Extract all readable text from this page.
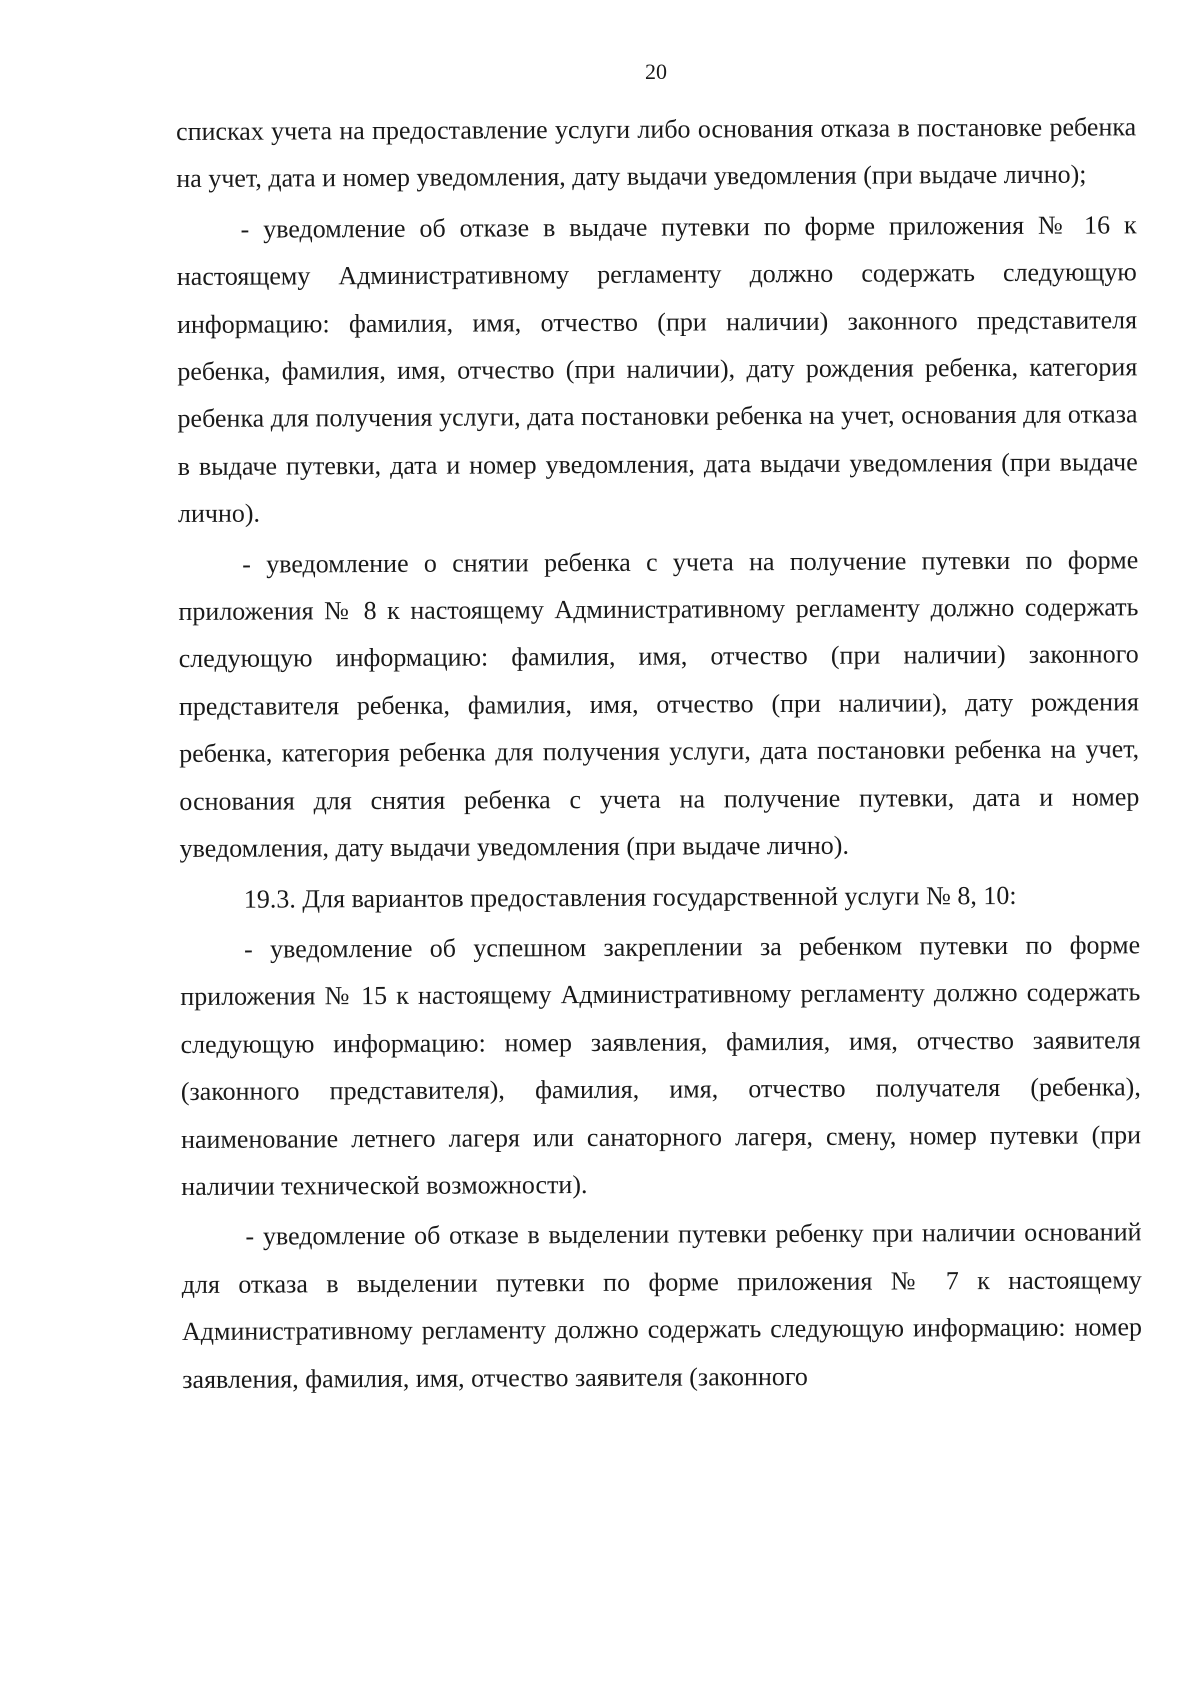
20

списках учета на предоставление услуги либо основания отказа в постановке ребенка на учет, дата и номер уведомления, дату выдачи уведомления (при выдаче лично);

- уведомление об отказе в выдаче путевки по форме приложения № 16 к настоящему Административному регламенту должно содержать следующую информацию: фамилия, имя, отчество (при наличии) законного представителя ребенка, фамилия, имя, отчество (при наличии), дату рождения ребенка, категория ребенка для получения услуги, дата постановки ребенка на учет, основания для отказа в выдаче путевки, дата и номер уведомления, дата выдачи уведомления (при выдаче лично).

- уведомление о снятии ребенка с учета на получение путевки по форме приложения № 8 к настоящему Административному регламенту должно содержать следующую информацию: фамилия, имя, отчество (при наличии) законного представителя ребенка, фамилия, имя, отчество (при наличии), дату рождения ребенка, категория ребенка для получения услуги, дата постановки ребенка на учет, основания для снятия ребенка с учета на получение путевки, дата и номер уведомления, дату выдачи уведомления (при выдаче лично).

19.3. Для вариантов предоставления государственной услуги № 8, 10:

- уведомление об успешном закреплении за ребенком путевки по форме приложения № 15 к настоящему Административному регламенту должно содержать следующую информацию: номер заявления, фамилия, имя, отчество заявителя (законного представителя), фамилия, имя, отчество получателя (ребенка), наименование летнего лагеря или санаторного лагеря, смену, номер путевки (при наличии технической возможности).

- уведомление об отказе в выделении путевки ребенку при наличии оснований для отказа в выделении путевки по форме приложения № 7 к настоящему Административному регламенту должно содержать следующую информацию: номер заявления, фамилия, имя, отчество заявителя (законного
